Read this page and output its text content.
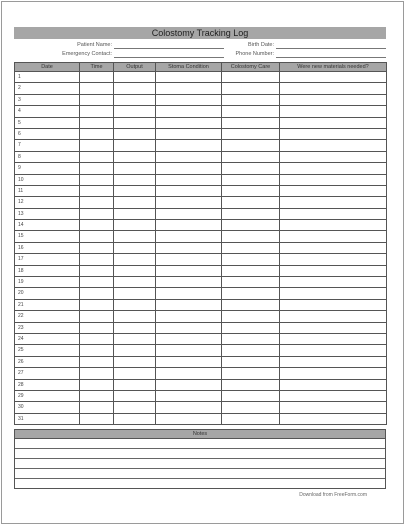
Colostomy Tracking Log
Patient Name:	Birth Date:
Emergency Contact:	Phone Number:
Date	Time	Output	Stoma Condition	Colostomy Care	Were new materials needed?
1					
2					
3					
4					
5					
6					
7					
8					
9					
10					
11					
12					
13					
14					
15					
16					
17					
18					
19					
20					
21					
22					
23					
24					
25					
26					
27					
28					
29					
30					
31					
Notes
Download from FreeForm.com
